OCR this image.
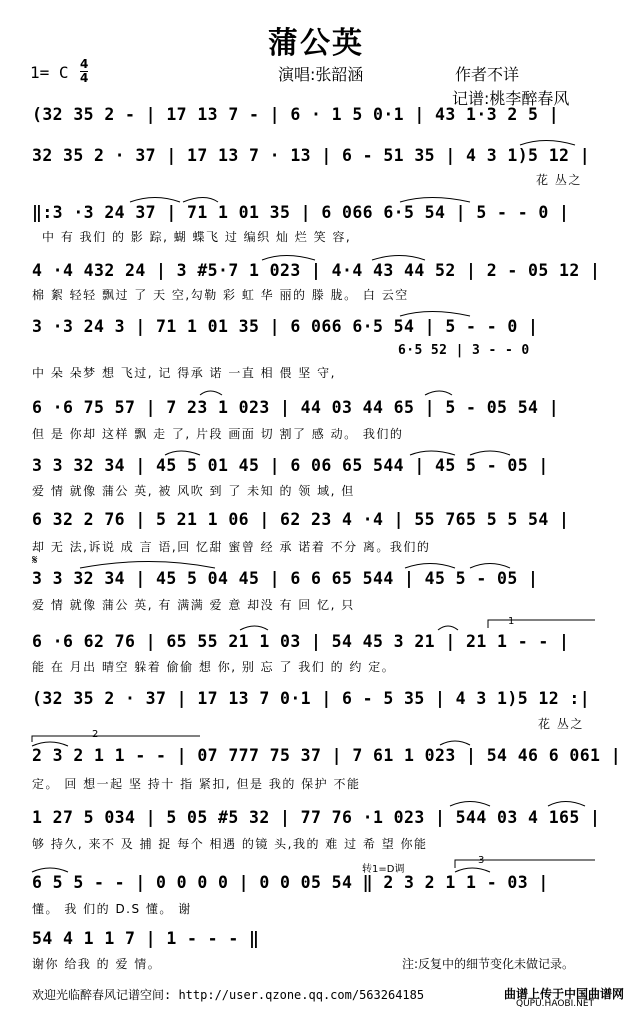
蒲公英
1= C 4
4	演唱:张韶涵	作者不详
记谱:桃李醉春风
(32 35 2 - | 17 13 7 - | 6 · 1 5 0·1 | 43 1·3 2 5 |
32 35 2 · 37 | 17 13 7 · 13 | 6 - 51 35 | 4 3 1)5 12 |
花 丛之
‖:3 ·3 24 37 | 71 1 01 35 | 6 066 6·5 54 | 5 - - 0 |
中 有 我们 的 影 踪, 蝴 蝶飞 过 编织 灿 烂 笑 容,
4 ·4 432 24 | 3 #5·7 1 023 | 4·4 43 44 52 | 2 - 05 12 |
棉 絮 轻轻 飘过 了 天 空,勾勒 彩 虹 华 丽的 滕 胧。 白 云空
3 ·3 24 3 | 71 1 01 35 | 6 066 6·5 54 | 5 - - 0 |
中 朵 朵梦 想 飞过, 记 得承 诺 一直 相 偎 坚 守,
6·5 52 | 3 - - 0
6 ·6 75 57 | 7 23 1 023 | 44 03 44 65 | 5 - 05 54 |
但 是 你却 这样 飘 走 了, 片段 画面 切 割了 感 动。 我们的
3 3 32 34 | 45 5 01 45 | 6 06 65 544 | 45 5 - 05 |
爱 情 就像 蒲公 英, 被 风吹 到 了 未知 的 领 域, 但
6 32 2 76 | 5 21 1 06 | 62 23 4 ·4 | 55 765 5 5 54 |
却 无 法,诉说 成 言 语,回 忆甜 蜜曾 经 承 诺着 不分 离。我们的
𝄋
3 3 32 34 | 45 5 04 45 | 6 6 65 544 | 45 5 - 05 |
爱 情 就像 蒲公 英, 有 满满 爱 意 却没 有 回 忆, 只
1
6 ·6 62 76 | 65 55 21 1 03 | 54 45 3 21 | 21 1 - - |
能 在 月出 晴空 躲着 偷偷 想 你, 别 忘 了 我们 的 约 定。
(32 35 2 · 37 | 17 13 7 0·1 | 6 - 5 35 | 4 3 1)5 12 :|
花 丛之
2
2 3 2 1 1 - - | 07 777 75 37 | 7 61 1 023 | 54 46 6 061 |
定。 回 想一起 坚 持十 指 紧扣, 但是 我的 保护 不能
1 27 5 034 | 5 05 #5 32 | 77 76 ·1 023 | 544 03 4 165 |
够 持久, 来不 及 捕 捉 每个 相遇 的镜 头,我的 难 过 希 望 你能
3
转1=D调
6 5 5 - - | 0 0 0 0 | 0 0 05 54 ‖ 2 3 2 1 1 - 03 |
懂。 我 们的 D.S 懂。 谢
54 4 1 1 7 | 1 - - - ‖
谢你 给我 的 爱 情。	注:反复中的细节变化未做记录。
欢迎光临醉春风记谱空间: http://user.qzone.qq.com/563264185	曲谱上传于中国曲谱网
QUPU.HAOBI.NET
